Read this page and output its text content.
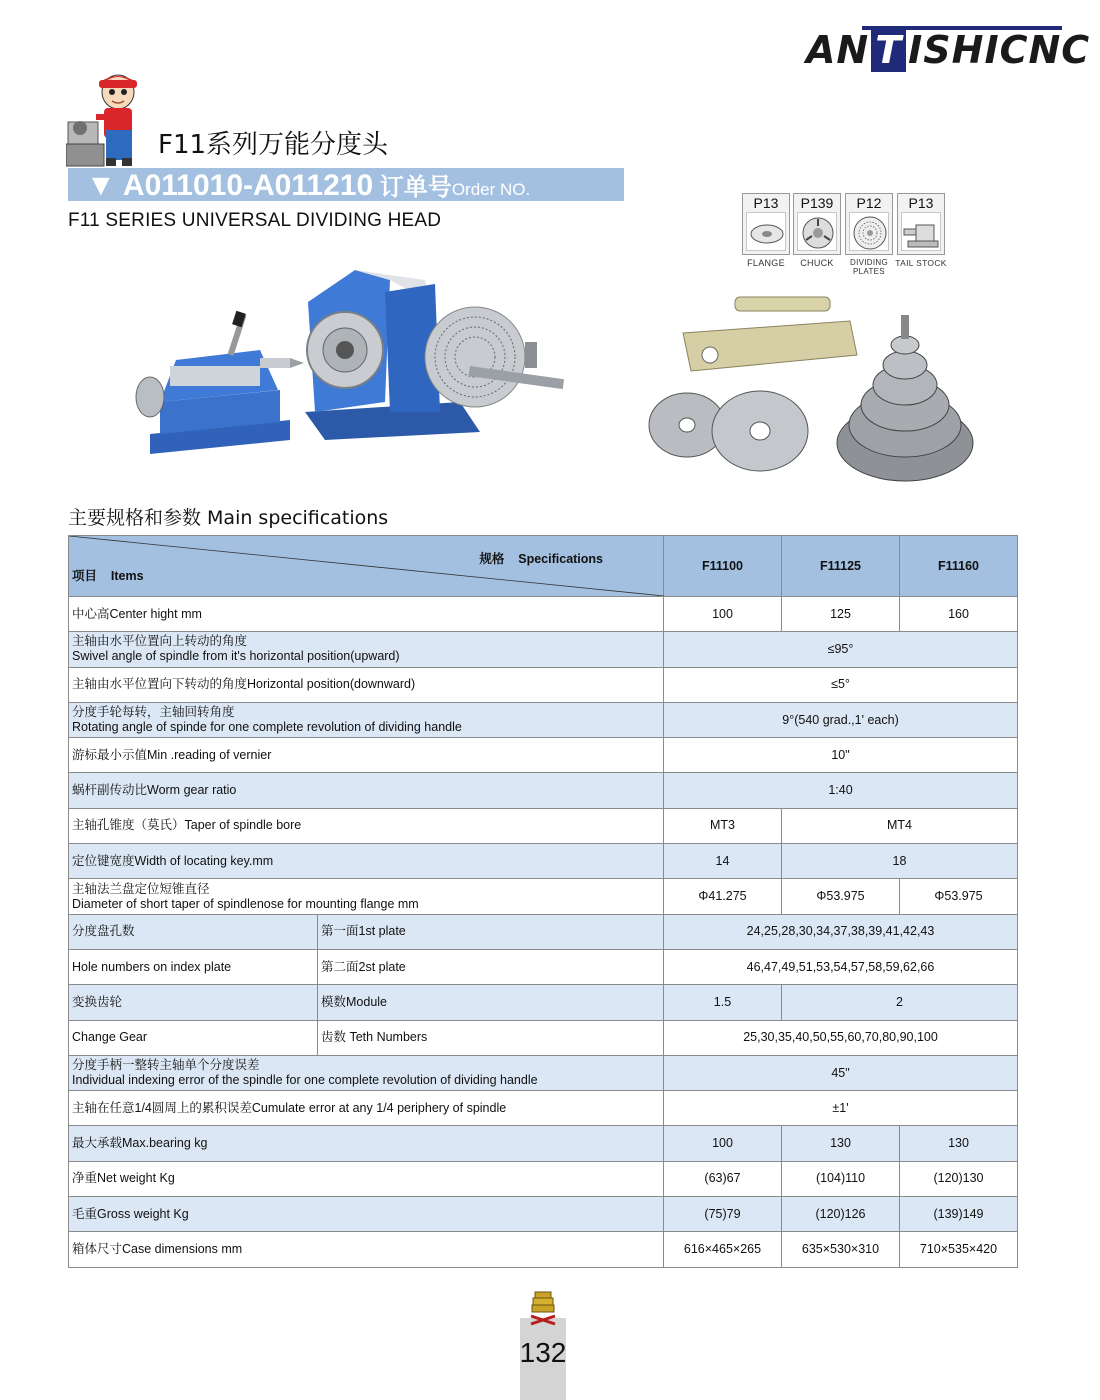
AN T ISHICNC
F11系列万能分度头
▼ A011010-A011210 订单号Order NO.
F11 SERIES UNIVERSAL DIVIDING HEAD
P13	P139	P12	P13
FLANGE	CHUCK	DIVIDING PLATES
TAIL STOCK
主要规格和参数 Main specifications
规格    Specifications
项目    Items		F11100	F11125	F11160
中心高Center hight mm		100	125	160

主轴由水平位置向上转动的角度
Swivel angle of spindle from it's horizontal position(upward)		≤95°		
主轴由水平位置向下转动的角度Horizontal position(downward)		≤5°		

分度手轮每转，主轴回转角度
Rotating angle of spinde for one complete revolution of dividing handle		9°(540 grad.,1' each)		
游标最小示值Min .reading of vernier		10"		
蜗杆副传动比Worm gear ratio		1:40		
主轴孔锥度（莫氏）Taper of spindle bore		MT3	MT4	
定位键宽度Width of locating key.mm		14	18	

主轴法兰盘定位短锥直径
Diameter of short taper of spindlenose for mounting flange mm		Φ41.275	Φ53.975	Φ53.975
分度盘孔数	第一面1st plate	24,25,28,30,34,37,38,39,41,42,43		
Hole numbers on index plate	第二面2st plate	46,47,49,51,53,54,57,58,59,62,66		
变换齿轮	模数Module	1.5	2	
Change Gear	齿数 Teth Numbers	25,30,35,40,50,55,60,70,80,90,100		

分度手柄一整转主轴单个分度误差
Individual indexing error of the spindle for one complete revolution of dividing handle		45"		
主轴在任意1/4圆周上的累积误差Cumulate error at any 1/4 periphery of spindle		±1'		
最大承载Max.bearing kg		100	130	130
净重Net weight Kg		(63)67	(104)110	(120)130
毛重Gross weight Kg		(75)79	(120)126	(139)149
箱体尺寸Case dimensions mm		616×465×265	635×530×310	710×535×420
132
